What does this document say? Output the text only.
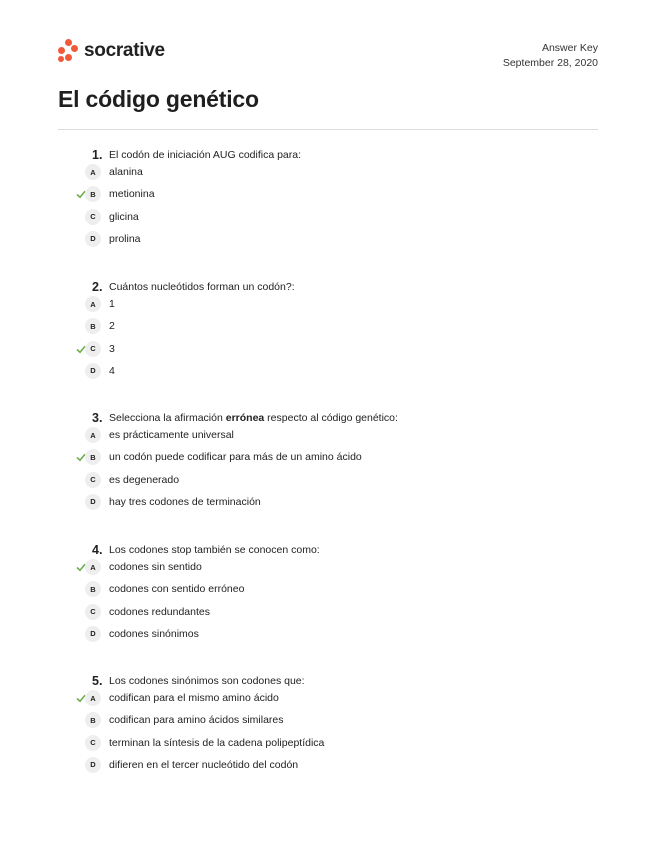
socrative	Answer Key
September 28, 2020
El código genético
1. El codón de iniciación AUG codifica para:
A	alanina
B	metionina
C	glicina
D	prolina
2. Cuántos nucleótidos forman un codón?:
A	1
B	2
C	3
D	4
3. Selecciona la afirmación errónea respecto al código genético:
A	es prácticamente universal
B	un codón puede codificar para más de un amino ácido
C	es degenerado
D	hay tres codones de terminación
4. Los codones stop también se conocen como:
A	codones sin sentido
B	codones con sentido erróneo
C	codones redundantes
D	codones sinónimos
5. Los codones sinónimos son codones que:
A	codifican para el mismo amino ácido
B	codifican para amino ácidos similares
C	terminan la síntesis de la cadena polipeptídica
D	difieren en el tercer nucleótido del codón
